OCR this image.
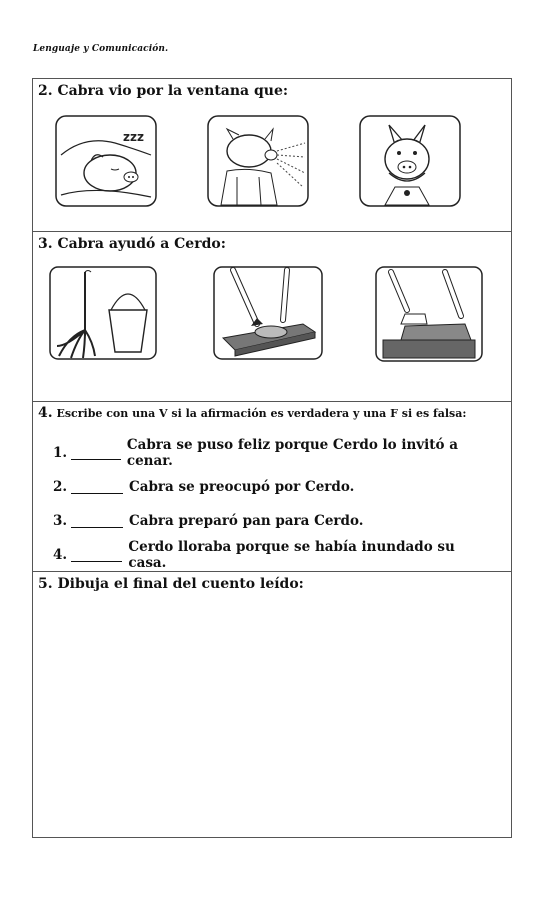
Lenguaje y Comunicación.
2. Cabra vio por la ventana que:
zzz
3. Cabra ayudó a Cerdo:
4. Escribe con una V si la afirmación es verdadera y una F si es falsa:
1.	Cabra se puso feliz porque Cerdo lo invitó a cenar.
2.	Cabra se preocupó por Cerdo.
3.	Cabra preparó pan para Cerdo.
4.	Cerdo lloraba porque se había inundado su casa.
5. Dibuja el final del cuento leído:
